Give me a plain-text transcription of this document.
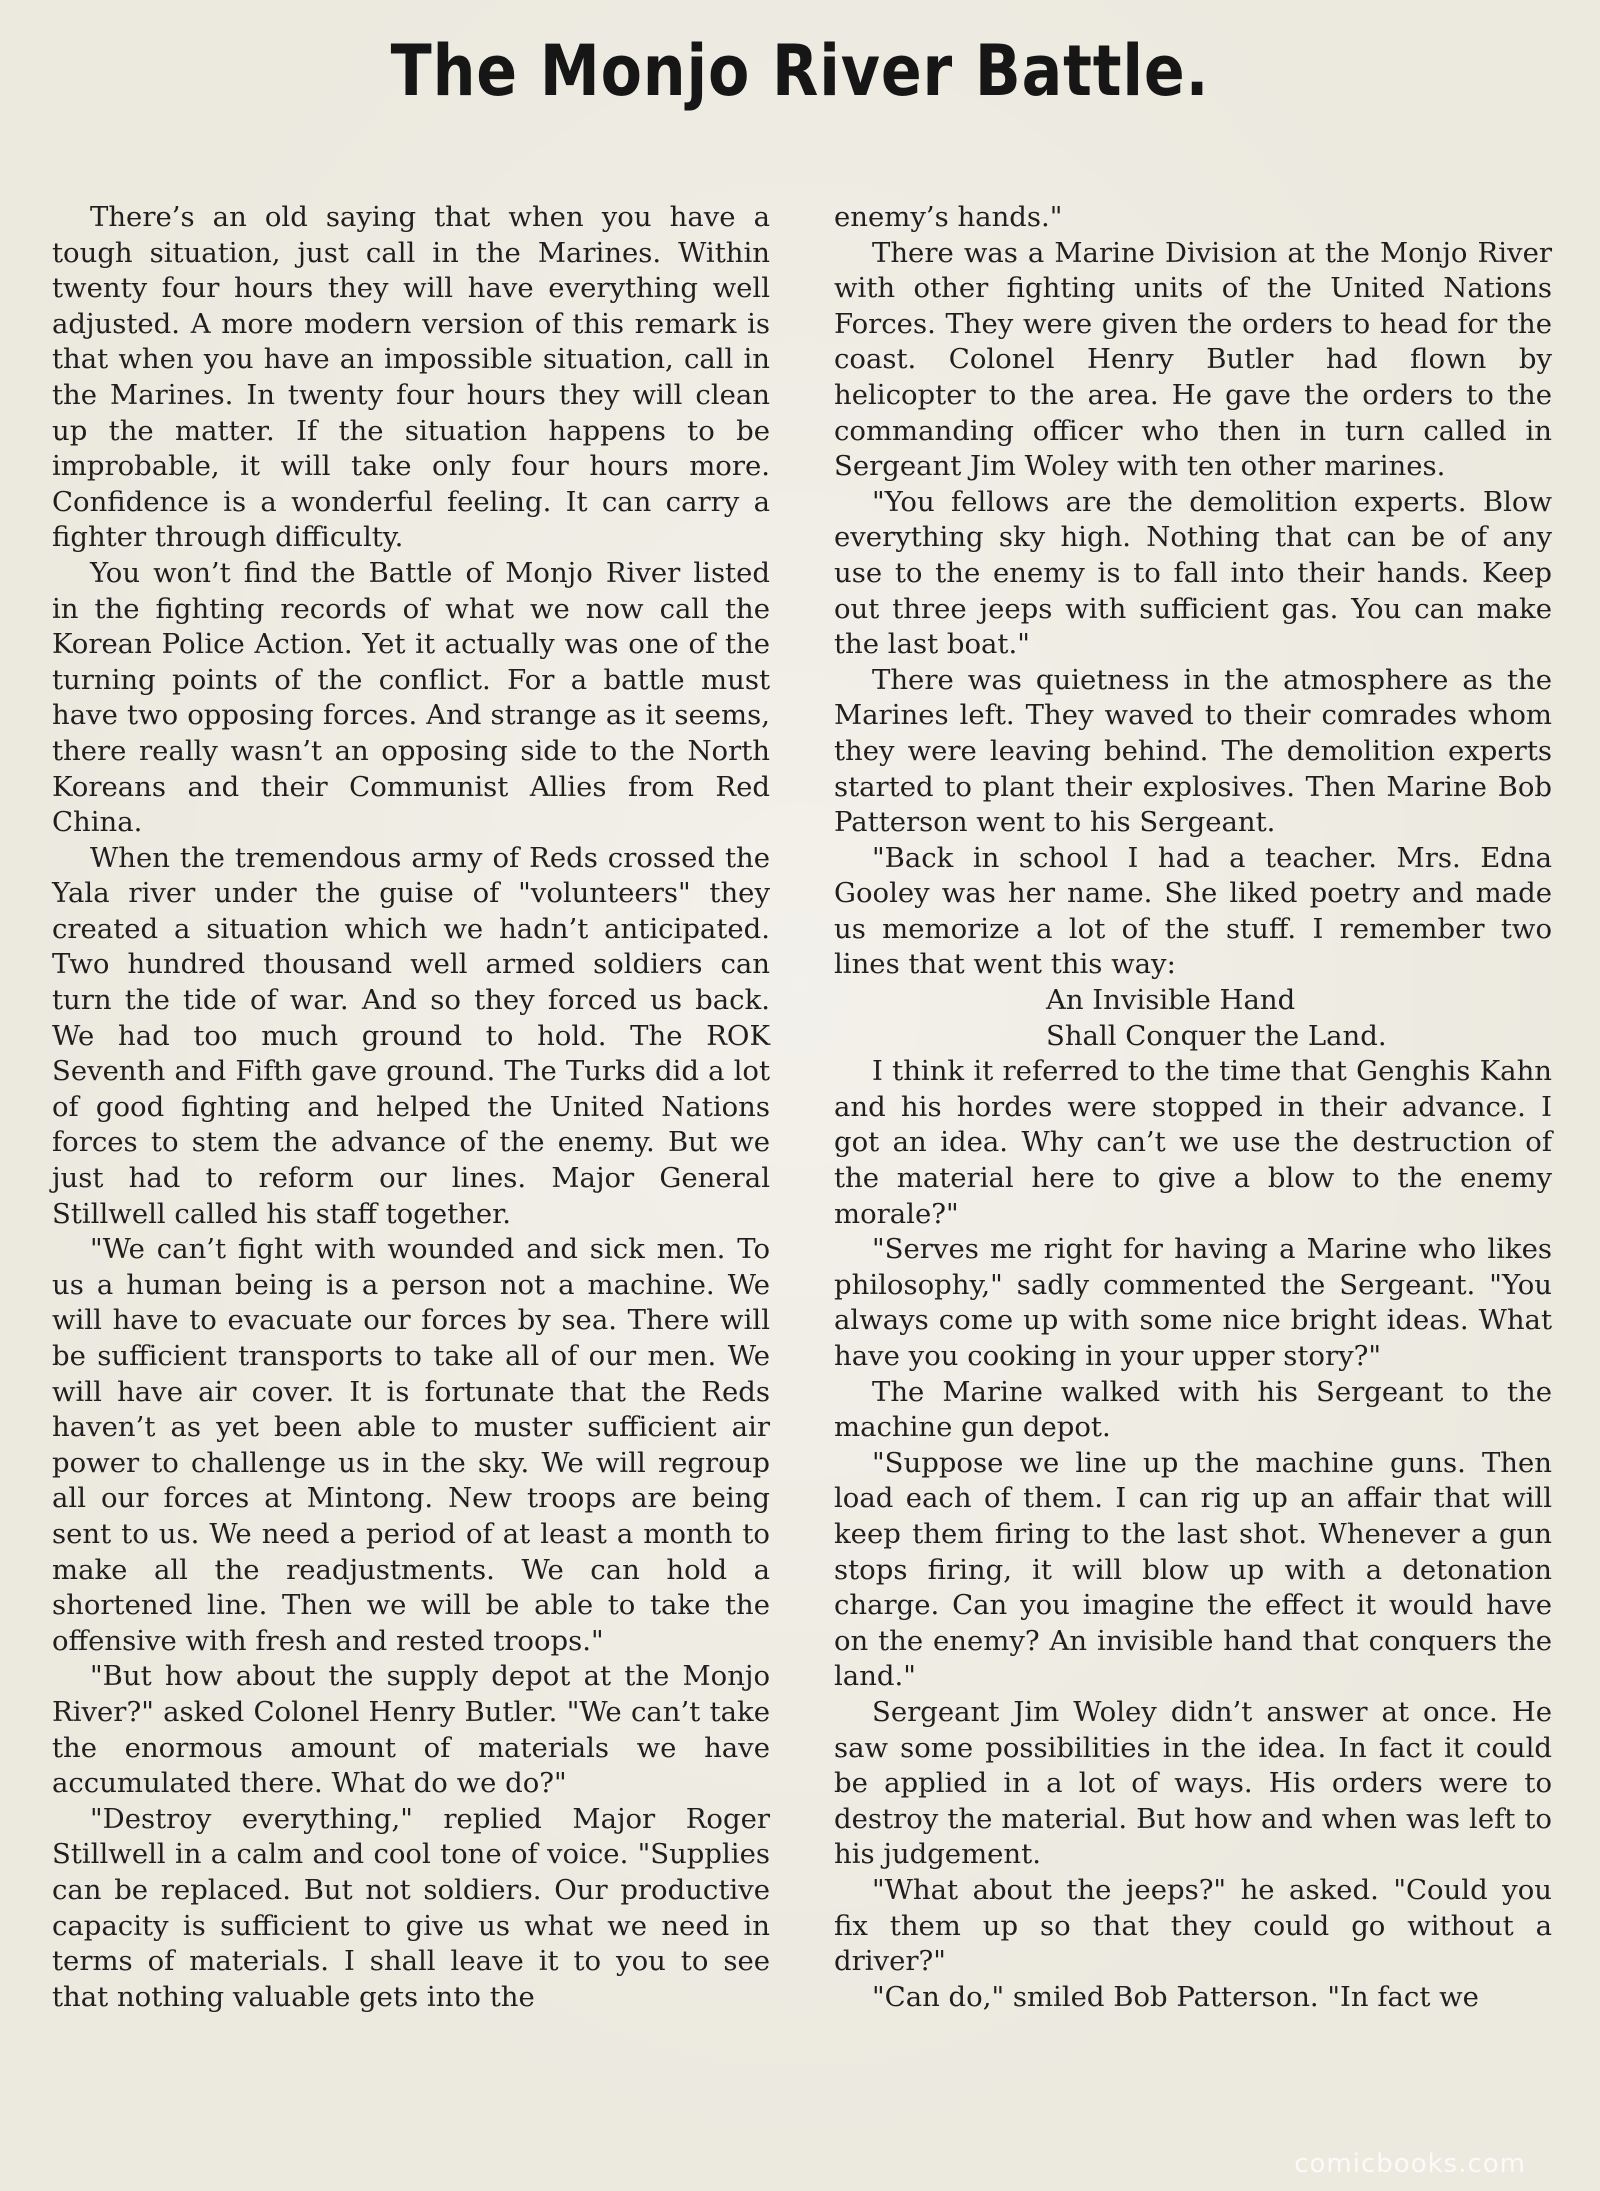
The Monjo River Battle.

There’s an old saying that when you have a tough situation, just call in the Marines. Within twenty four hours they will have everything well adjusted. A more modern version of this remark is that when you have an impossible situation, call in the Marines. In twenty four hours they will clean up the matter. If the situation happens to be improbable, it will take only four hours more. Confidence is a wonderful feeling. It can carry a fighter through difficulty.

You won’t find the Battle of Monjo River listed in the fighting records of what we now call the Korean Police Action. Yet it actually was one of the turning points of the conflict. For a battle must have two opposing forces. And strange as it seems, there really wasn’t an opposing side to the North Koreans and their Communist Allies from Red China.

When the tremendous army of Reds crossed the Yala river under the guise of "volunteers" they created a situation which we hadn’t anticipated. Two hundred thousand well armed soldiers can turn the tide of war. And so they forced us back. We had too much ground to hold. The ROK Seventh and Fifth gave ground. The Turks did a lot of good fighting and helped the United Nations forces to stem the advance of the enemy. But we just had to reform our lines. Major General Stillwell called his staff together.

"We can’t fight with wounded and sick men. To us a human being is a person not a machine. We will have to evacuate our forces by sea. There will be sufficient transports to take all of our men. We will have air cover. It is fortunate that the Reds haven’t as yet been able to muster sufficient air power to challenge us in the sky. We will regroup all our forces at Mintong. New troops are being sent to us. We need a period of at least a month to make all the readjustments. We can hold a shortened line. Then we will be able to take the offensive with fresh and rested troops."

"But how about the supply depot at the Monjo River?" asked Colonel Henry Butler. "We can’t take the enormous amount of materials we have accumulated there. What do we do?"

"Destroy everything," replied Major Roger Stillwell in a calm and cool tone of voice. "Supplies can be replaced. But not soldiers. Our productive capacity is sufficient to give us what we need in terms of materials. I shall leave it to you to see that nothing valuable gets into the

enemy’s hands."

There was a Marine Division at the Monjo River with other fighting units of the United Nations Forces. They were given the orders to head for the coast. Colonel Henry Butler had flown by helicopter to the area. He gave the orders to the commanding officer who then in turn called in Sergeant Jim Woley with ten other marines.

"You fellows are the demolition experts. Blow everything sky high. Nothing that can be of any use to the enemy is to fall into their hands. Keep out three jeeps with sufficient gas. You can make the last boat."

There was quietness in the atmosphere as the Marines left. They waved to their comrades whom they were leaving behind. The demolition experts started to plant their explosives. Then Marine Bob Patterson went to his Sergeant.

"Back in school I had a teacher. Mrs. Edna Gooley was her name. She liked poetry and made us memorize a lot of the stuff. I remember two lines that went this way:

An Invisible Hand

Shall Conquer the Land.

I think it referred to the time that Genghis Kahn and his hordes were stopped in their advance. I got an idea. Why can’t we use the destruction of the material here to give a blow to the enemy morale?"

"Serves me right for having a Marine who likes philosophy," sadly commented the Sergeant. "You always come up with some nice bright ideas. What have you cooking in your upper story?"

The Marine walked with his Sergeant to the machine gun depot.

"Suppose we line up the machine guns. Then load each of them. I can rig up an affair that will keep them firing to the last shot. Whenever a gun stops firing, it will blow up with a detonation charge. Can you imagine the effect it would have on the enemy? An invisible hand that conquers the land."

Sergeant Jim Woley didn’t answer at once. He saw some possibilities in the idea. In fact it could be applied in a lot of ways. His orders were to destroy the material. But how and when was left to his judgement.

"What about the jeeps?" he asked. "Could you fix them up so that they could go without a driver?"

"Can do," smiled Bob Patterson. "In fact we

comicbooks.com
